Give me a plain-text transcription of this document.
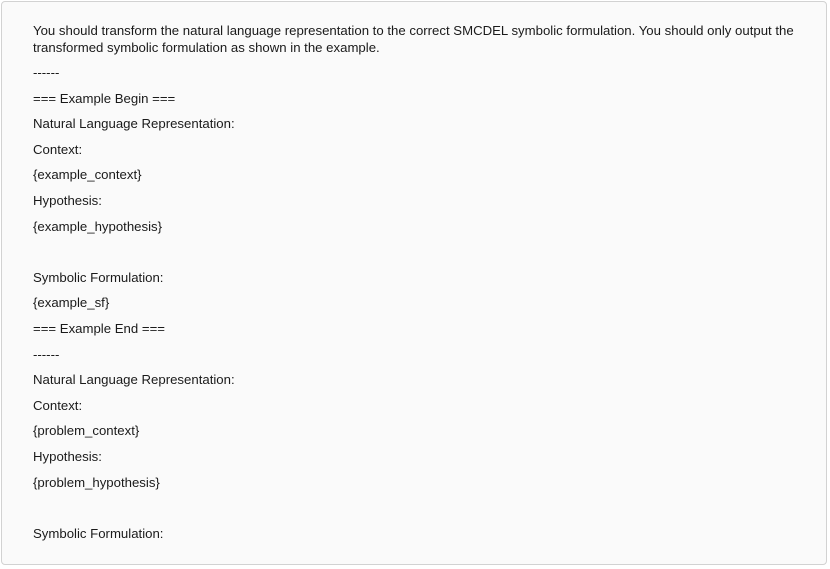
You should transform the natural language representation to the correct SMCDEL symbolic formulation. You should only output the transformed symbolic formulation as shown in the example.

------

=== Example Begin ===

Natural Language Representation:

Context:

{example_context}

Hypothesis:

{example_hypothesis}

Symbolic Formulation:

{example_sf}

=== Example End ===

------

Natural Language Representation:

Context:

{problem_context}

Hypothesis:

{problem_hypothesis}

Symbolic Formulation:
